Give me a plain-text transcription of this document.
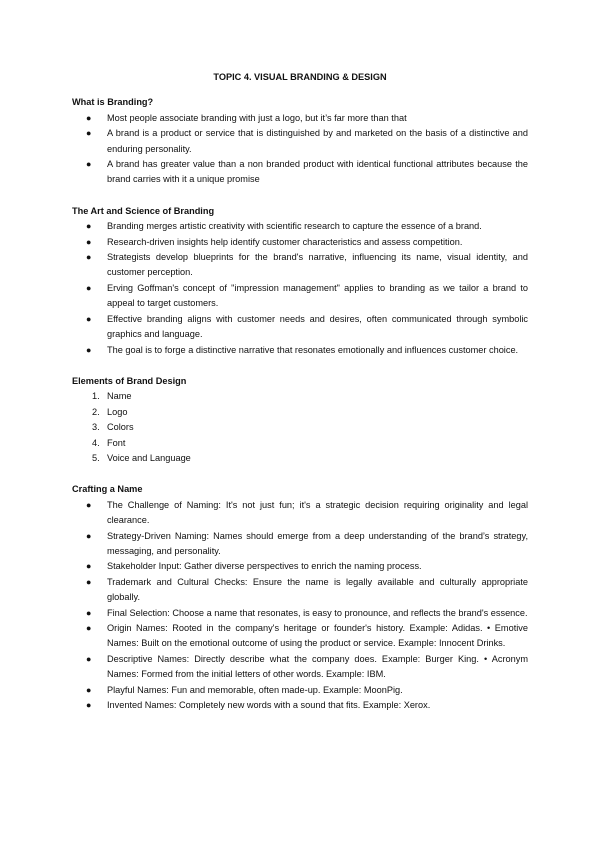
TOPIC 4. VISUAL BRANDING & DESIGN
What is Branding?
● Most people associate branding with just a logo, but it’s far more than that
● A brand is a product or service that is distinguished by and marketed on the basis of a distinctive and enduring personality.
● A brand has greater value than a non branded product with identical functional attributes because the brand carries with it a unique promise
The Art and Science of Branding
● Branding merges artistic creativity with scientific research to capture the essence of a brand.
● Research-driven insights help identify customer characteristics and assess competition.
● Strategists develop blueprints for the brand's narrative, influencing its name, visual identity, and customer perception.
● Erving Goffman's concept of "impression management" applies to branding as we tailor a brand to appeal to target customers.
● Effective branding aligns with customer needs and desires, often communicated through symbolic graphics and language.
● The goal is to forge a distinctive narrative that resonates emotionally and influences customer choice.
Elements of Brand Design
1. Name
2. Logo
3. Colors
4. Font
5. Voice and Language
Crafting a Name
● The Challenge of Naming: It's not just fun; it's a strategic decision requiring originality and legal clearance.
● Strategy-Driven Naming: Names should emerge from a deep understanding of the brand’s strategy, messaging, and personality.
● Stakeholder Input: Gather diverse perspectives to enrich the naming process.
● Trademark and Cultural Checks: Ensure the name is legally available and culturally appropriate globally.
● Final Selection: Choose a name that resonates, is easy to pronounce, and reflects the brand's essence.
● Origin Names: Rooted in the company's heritage or founder's history. Example: Adidas. • Emotive Names: Built on the emotional outcome of using the product or service. Example: Innocent Drinks.
● Descriptive Names: Directly describe what the company does. Example: Burger King. • Acronym Names: Formed from the initial letters of other words. Example: IBM.
● Playful Names: Fun and memorable, often made-up. Example: MoonPig.
● Invented Names: Completely new words with a sound that fits. Example: Xerox.
